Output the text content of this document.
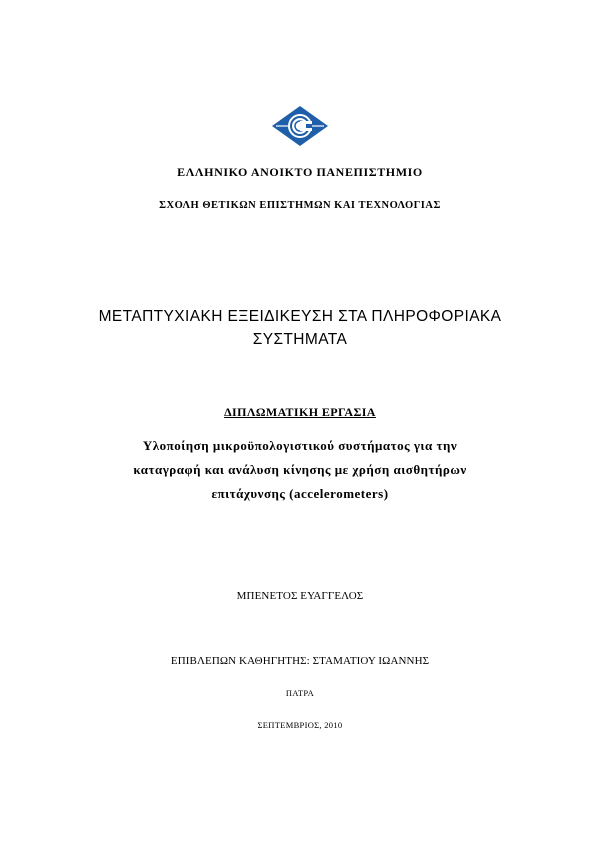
ΕΛΛΗΝΙΚΟ ΑΝΟΙΚΤΟ ΠΑΝΕΠΙΣΤΗΜΙΟ
ΣΧΟΛΗ ΘΕΤΙΚΩΝ ΕΠΙΣΤΗΜΩΝ ΚΑΙ ΤΕΧΝΟΛΟΓΙΑΣ
ΜΕΤΑΠΤΥΧΙΑΚΗ ΕΞΕΙΔΙΚΕΥΣΗ ΣΤΑ ΠΛΗΡΟΦΟΡΙΑΚΑ
ΣΥΣΤΗΜΑΤΑ
ΔΙΠΛΩΜΑΤΙΚΗ ΕΡΓΑΣΙΑ
Υλοποίηση μικροϋπολογιστικού συστήματος για την
καταγραφή και ανάλυση κίνησης με χρήση αισθητήρων
επιτάχυνσης (accelerometers)
ΜΠΕΝΕΤΟΣ ΕΥΑΓΓΕΛΟΣ
ΕΠΙΒΛΕΠΩΝ ΚΑΘΗΓΗΤΗΣ: ΣΤΑΜΑΤΙΟΥ ΙΩΑΝΝΗΣ
ΠΑΤΡΑ
ΣΕΠΤΕΜΒΡΙΟΣ, 2010
